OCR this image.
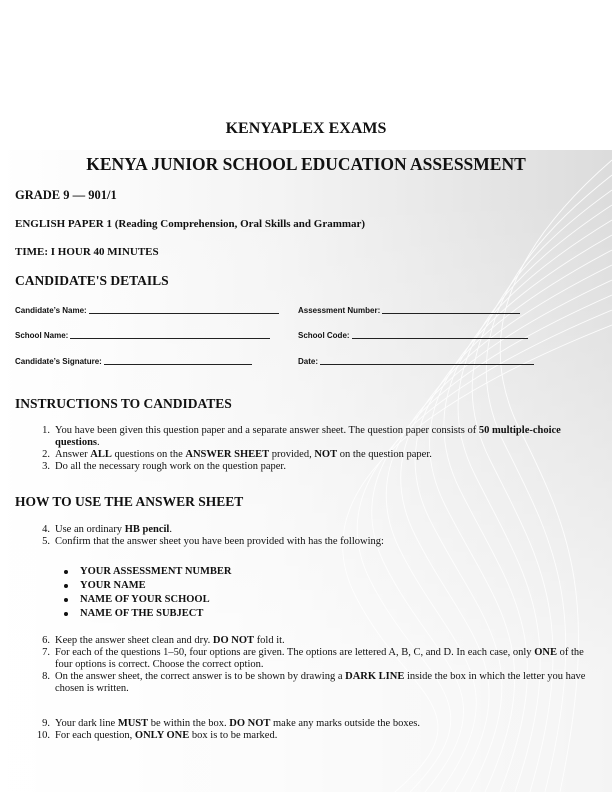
KENYAPLEX EXAMS
KENYA JUNIOR SCHOOL EDUCATION ASSESSMENT
GRADE 9 — 901/1
ENGLISH PAPER 1 (Reading Comprehension, Oral Skills and Grammar)
TIME: I HOUR 40 MINUTES
CANDIDATE'S DETAILS
Candidate’s Name:	Assessment Number:
School Name:	School Code:
Candidate’s Signature:	Date:
INSTRUCTIONS TO CANDIDATES
1. You have been given this question paper and a separate answer sheet. The question paper consists of 50 multiple-choice questions.
2. Answer ALL questions on the ANSWER SHEET provided, NOT on the question paper.
3. Do all the necessary rough work on the question paper.
HOW TO USE THE ANSWER SHEET
4. Use an ordinary HB pencil.
5. Confirm that the answer sheet you have been provided with has the following:
YOUR ASSESSMENT NUMBER
YOUR NAME
NAME OF YOUR SCHOOL
NAME OF THE SUBJECT
6. Keep the answer sheet clean and dry. DO NOT fold it.
7. For each of the questions 1–50, four options are given. The options are lettered A, B, C, and D. In each case, only ONE of the four options is correct. Choose the correct option.
8. On the answer sheet, the correct answer is to be shown by drawing a DARK LINE inside the box in which the letter you have chosen is written.
9. Your dark line MUST be within the box. DO NOT make any marks outside the boxes.
10. For each question, ONLY ONE box is to be marked.
